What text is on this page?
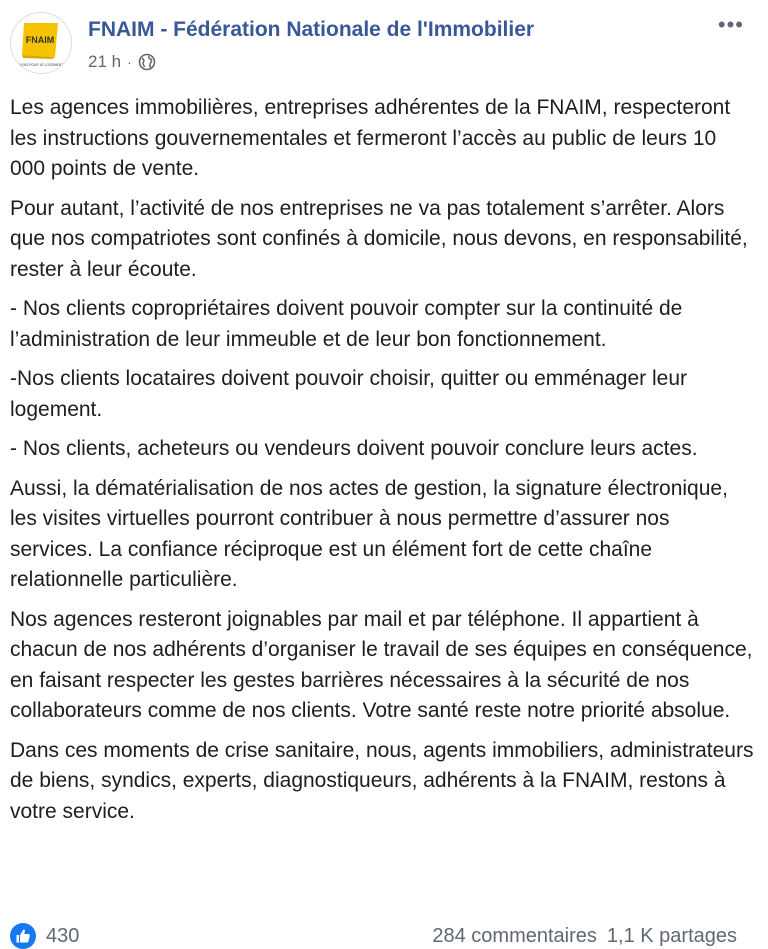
FNAIM
NOUS POUR LE LOGEMENT
FNAIM - Fédération Nationale de l'Immobilier
21 h ·
•••

Les agences immobilières, entreprises adhérentes de la FNAIM, respecteront les instructions gouvernementales et fermeront l’accès au public de leurs 10 000 points de vente.

Pour autant, l’activité de nos entreprises ne va pas totalement s’arrêter. Alors que nos compatriotes sont confinés à domicile, nous devons, en responsabilité, rester à leur écoute.

- Nos clients copropriétaires doivent pouvoir compter sur la continuité de l’administration de leur immeuble et de leur bon fonctionnement.

-Nos clients locataires doivent pouvoir choisir, quitter ou emménager leur logement.

- Nos clients, acheteurs ou vendeurs doivent pouvoir conclure leurs actes.

Aussi, la dématérialisation de nos actes de gestion, la signature électronique, les visites virtuelles pourront contribuer à nous permettre d’assurer nos services. La confiance réciproque est un élément fort de cette chaîne relationnelle particulière.

Nos agences resteront joignables par mail et par téléphone. Il appartient à chacun de nos adhérents d’organiser le travail de ses équipes en conséquence, en faisant respecter les gestes barrières nécessaires à la sécurité de nos collaborateurs comme de nos clients. Votre santé reste notre priorité absolue.

Dans ces moments de crise sanitaire, nous, agents immobiliers, administrateurs de biens, syndics, experts, diagnostiqueurs, adhérents à la FNAIM, restons à votre service.

430	284 commentaires 1,1 K partages
